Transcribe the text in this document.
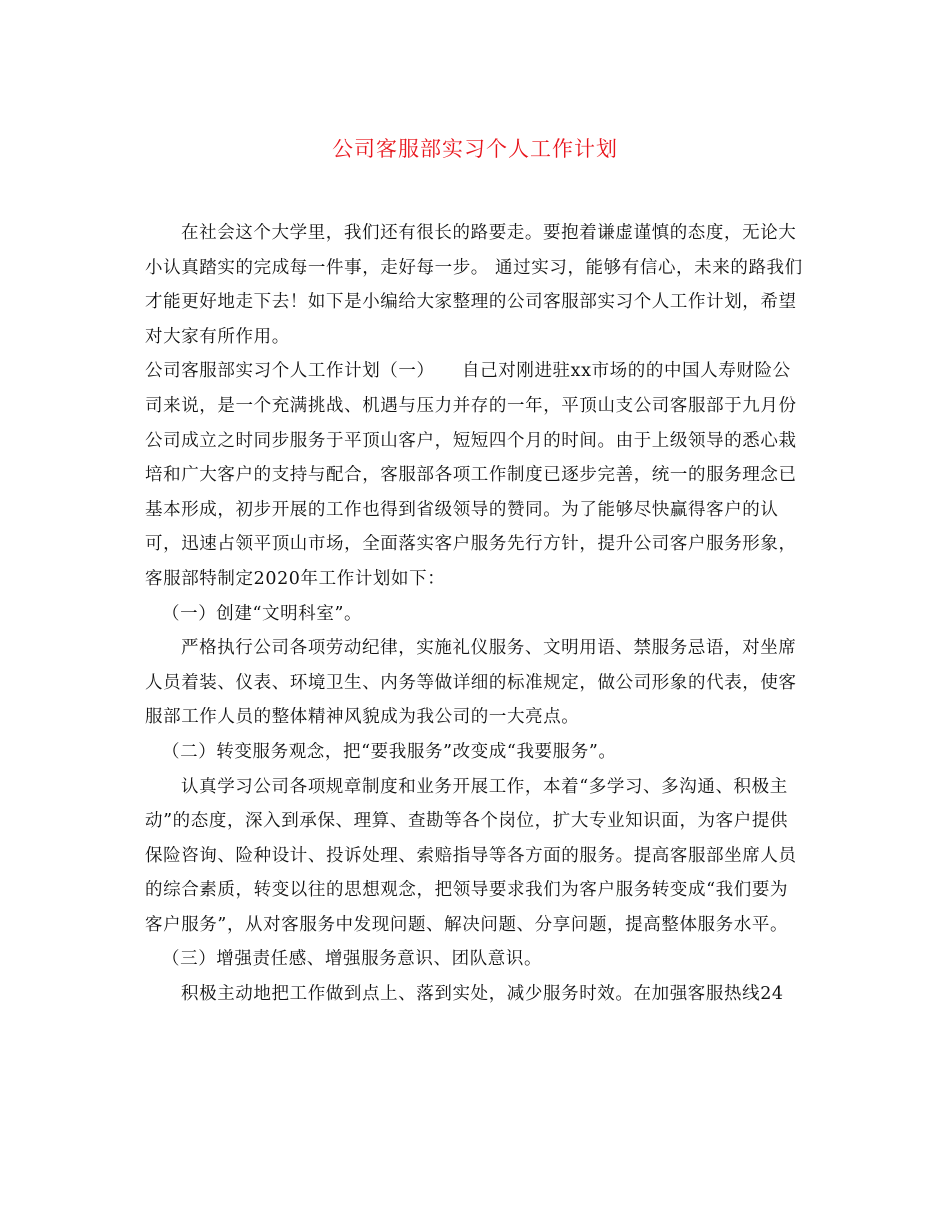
公司客服部实习个人工作计划

在社会这个大学里，我们还有很长的路要走。要抱着谦虚谨慎的态度，无论大小认真踏实的完成每一件事，走好每一步。 通过实习，能够有信心，未来的路我们才能更好地走下去！如下是小编给大家整理的公司客服部实习个人工作计划，希望对大家有所作用。

公司客服部实习个人工作计划（一）　　自己对刚进驻xx市场的的中国人寿财险公司来说，是一个充满挑战、机遇与压力并存的一年，平顶山支公司客服部于九月份公司成立之时同步服务于平顶山客户，短短四个月的时间。由于上级领导的悉心栽培和广大客户的支持与配合，客服部各项工作制度已逐步完善，统一的服务理念已基本形成，初步开展的工作也得到省级领导的赞同。为了能够尽快赢得客户的认可，迅速占领平顶山市场，全面落实客户服务先行方针，提升公司客户服务形象，客服部特制定2020年工作计划如下：

（一）创建“文明科室”。

严格执行公司各项劳动纪律，实施礼仪服务、文明用语、禁服务忌语，对坐席人员着装、仪表、环境卫生、内务等做详细的标准规定，做公司形象的代表，使客服部工作人员的整体精神风貌成为我公司的一大亮点。

（二）转变服务观念，把“要我服务”改变成“我要服务”。

认真学习公司各项规章制度和业务开展工作，本着“多学习、多沟通、积极主动”的态度，深入到承保、理算、查勘等各个岗位，扩大专业知识面，为客户提供保险咨询、险种设计、投诉处理、索赔指导等各方面的服务。提高客服部坐席人员的综合素质，转变以往的思想观念，把领导要求我们为客户服务转变成“我们要为客户服务”，从对客服务中发现问题、解决问题、分享问题，提高整体服务水平。

（三）增强责任感、增强服务意识、团队意识。

积极主动地把工作做到点上、落到实处，减少服务时效。在加强客服热线24
